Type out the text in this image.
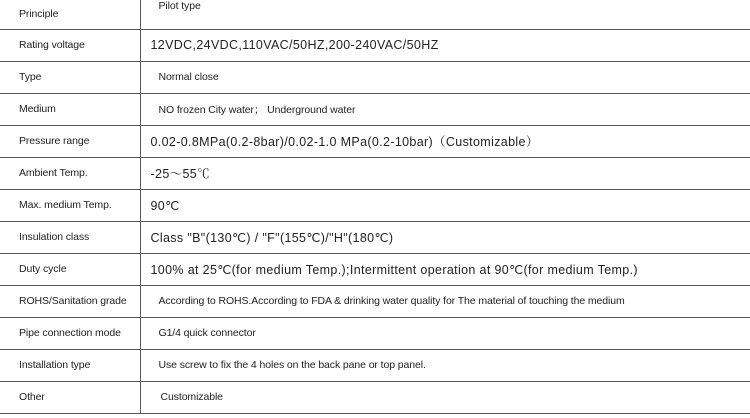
Principle	Pilot type
Rating voltage	12VDC,24VDC,110VAC/50HZ,200-240VAC/50HZ
Type	Normal close
Medium	NO frozen City water； Underground water
Pressure range	0.02-0.8MPa(0.2-8bar)/0.02-1.0 MPa(0.2-10bar)（Customizable）
Ambient Temp.	-25～55℃
Max. medium Temp.	90℃
Insulation class	Class "B"(130℃) / "F"(155℃)/"H"(180℃)
Duty cycle	100% at 25℃(for medium Temp.);Intermittent operation at 90℃(for medium Temp.)
ROHS/Sanitation grade	According to ROHS.According to FDA & drinking water quality for The material of touching the medium
Pipe connection mode	G1/4 quick connector
Installation type	Use screw to fix the 4 holes on the back pane or top panel.
Other	Customizable
